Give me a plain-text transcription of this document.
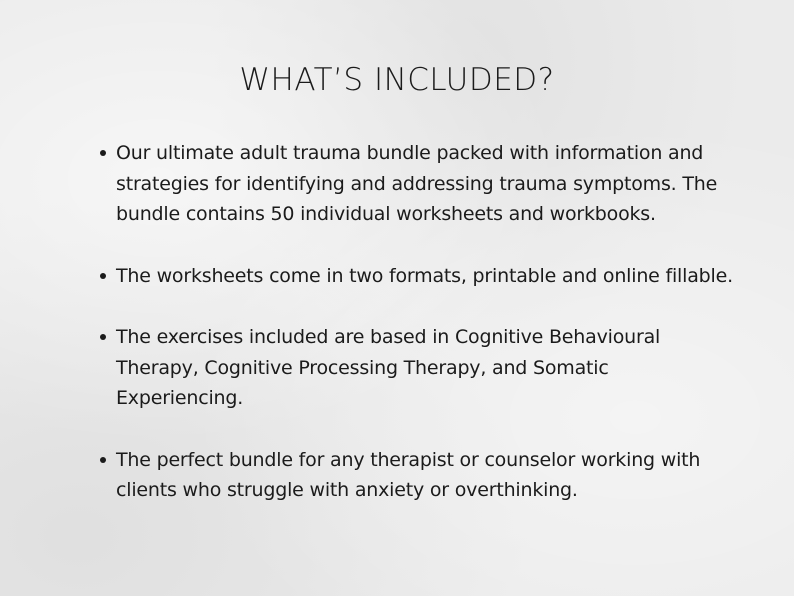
WHAT’S INCLUDED?
Our ultimate adult trauma bundle packed with information and strategies for identifying and addressing trauma symptoms. The bundle contains 50 individual worksheets and workbooks.
The worksheets come in two formats, printable and online fillable.
The exercises included are based in Cognitive Behavioural Therapy, Cognitive Processing Therapy, and Somatic Experiencing.
The perfect bundle for any therapist or counselor working with clients who struggle with anxiety or overthinking.
